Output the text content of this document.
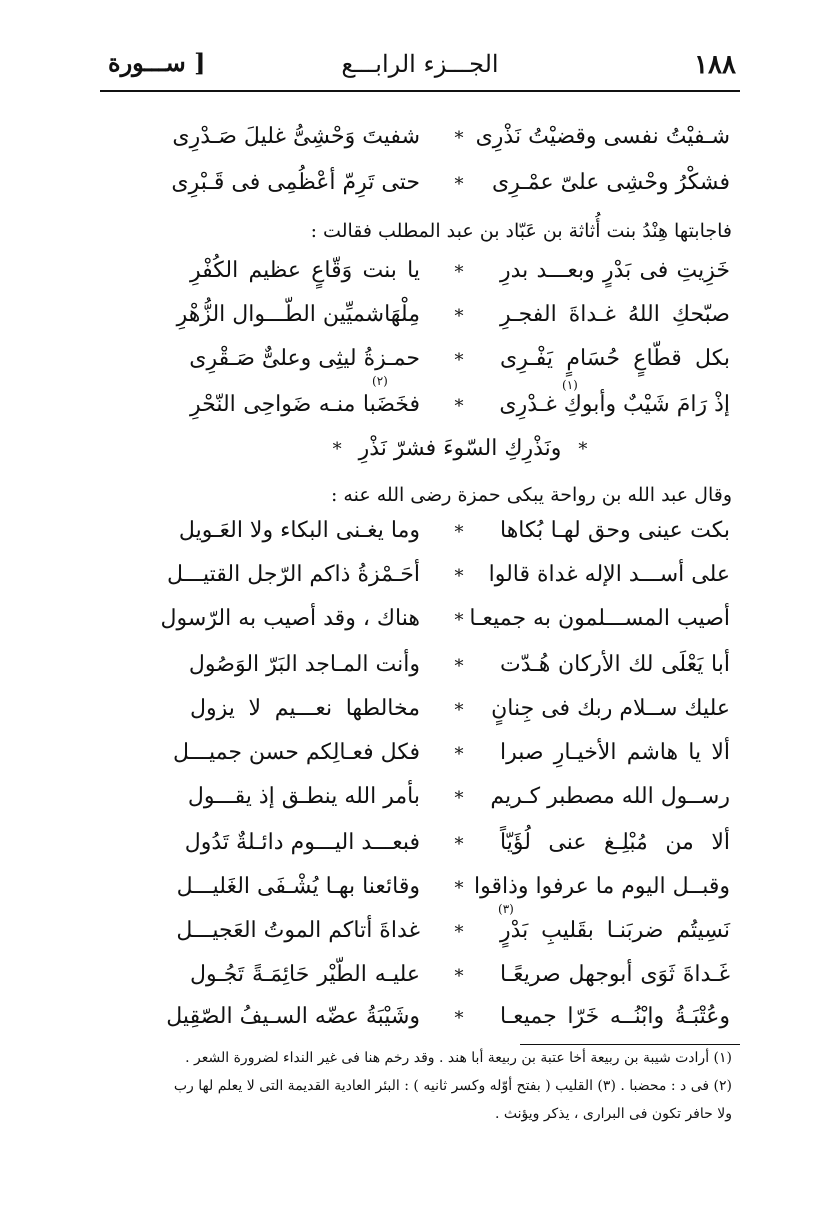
١٨٨
الجـــزء الرابـــع
[ ســـورة
شـفيْتُ نفسى وقضيْتُ نَذْرِى
*
شفيتَ وَحْشِىُّ غليلَ صَـدْرِى
فشكْرُ وحْشِى علىّ عمْـرِى
*
حتى تَرِمّ أعْظُمِى فى قَـبْرِى
فاجابتها هِنْدُ بنت أُثاثة بن عَبّاد بن عبد المطلب فقالت :
خَزِيتِ فى بَدْرٍ وبعـــد بدرِ
*
يا بنت وَقّاعٍ عظيم الكُفْرِ
صبّحكِ اللهُ غـداةَ الفجـرِ
*
مِلْهَاشميِّين الطّـــوال الزُّهْرِ
بكل قطّاعٍ حُسَامٍ يَفْـرِى
*
حمـزةُ ليثِى وعلىٌّ صَـقْرِى
(١)
(٢)
إذْ رَامَ شَيْبٌ وأبوكِ غـدْرِى
*
فخَضَبا منـه ضَواحِى النّحْرِ
* ونَذْرِكِ السّوءَ فشرّ نَذْرِ *
وقال عبد الله بن رواحة يبكى حمزة رضى الله عنه :
بكت عينى وحق لهـا بُكاها
*
وما يغـنى البكاء ولا العَـويل
على أســـد الإله غداة قالوا
*
أحَـمْزةُ ذاكم الرّجل القتيـــل
أصيب المســـلمون به جميعـا
*
هناك ، وقد أصيب به الرّسول
أبا يَعْلَى لك الأركان هُـدّت
*
وأنت المـاجد البَرّ الوَصُول
عليك ســلام ربك فى جِنانٍ
*
مخالطها نعـــيم لا يزول
ألا يا هاشم الأخيـارِ صبرا
*
فكل فعـالِكم حسن جميـــل
رســول الله مصطبر كـريم
*
بأمر الله ينطـق إذ يقـــول
ألا من مُبْلِـغ عنى لُؤَيّاً
*
فبعـــد اليـــوم دائـلةٌ تَدُول
وقبــل اليوم ما عرفوا وذاقوا
*
وقائعنا بهـا يُشْـفَى الغَليـــل
(٣)
نَسِيتُم ضربَنـا بقَليبِ بَدْرٍ
*
غداةَ أتاكم الموتُ العَجيـــل
غَـداةَ ثَوَى أبوجهل صريعًـا
*
عليـه الطّيْر حَائِمَـةً تَجُـول
وعُتْبَـةُ وابْنُــه خَرّا جميعـا
*
وشَيْبَةُ عضّه السـيفُ الصّقِيل
(١) أرادت شيبة بن ربيعة أخا عتبة بن ربيعة أبا هند . وقد رخم هنا فى غير النداء لضرورة الشعر .
(٢) فى د : محضبا . (٣) القليب ( بفتح أوّله وكسر ثانيه ) : البئر العادية القديمة التى لا يعلم لها رب
ولا حافر تكون فى البرارى ، يذكر ويؤنث .
